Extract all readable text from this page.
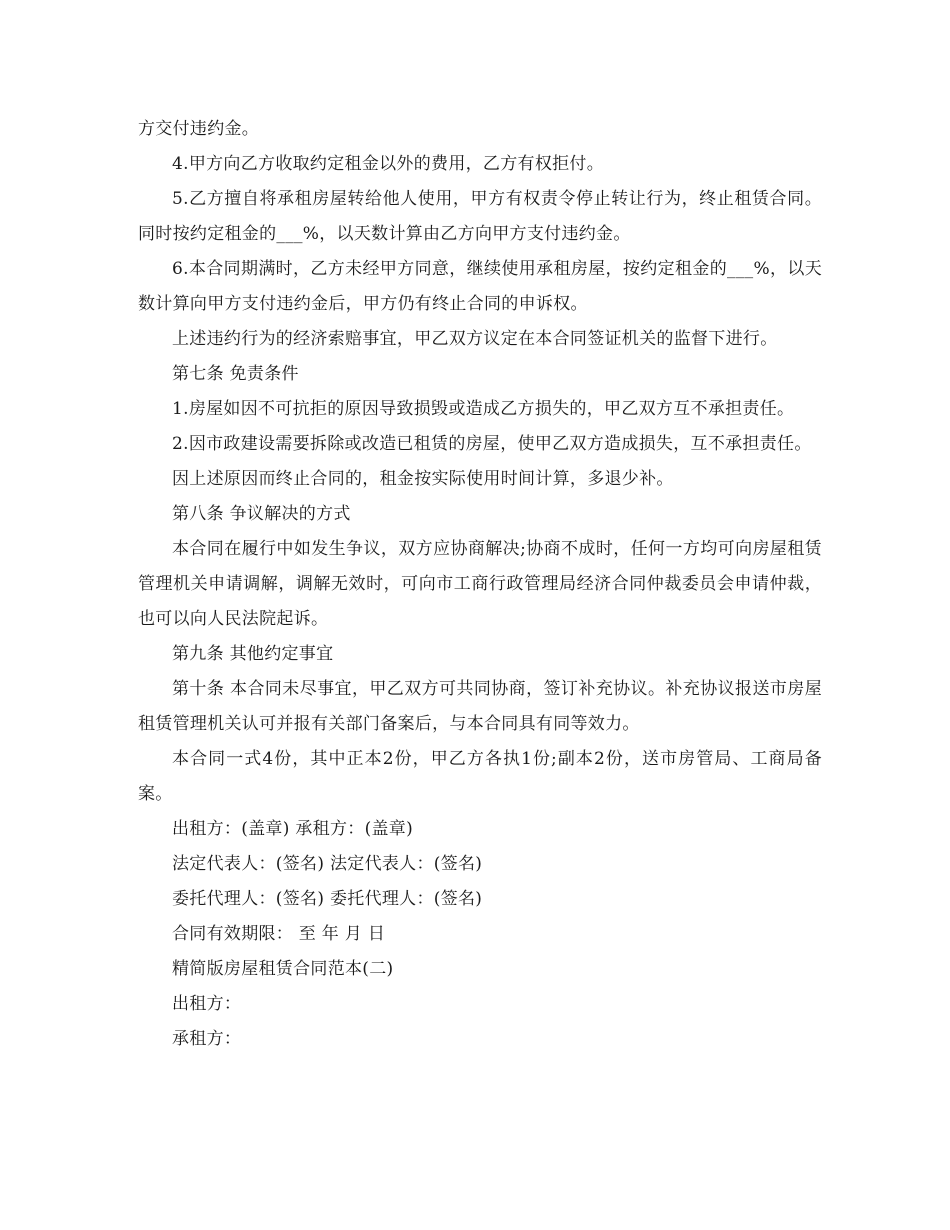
方交付违约金。

4.甲方向乙方收取约定租金以外的费用，乙方有权拒付。

5.乙方擅自将承租房屋转给他人使用，甲方有权责令停止转让行为，终止租赁合同。同时按约定租金的___%，以天数计算由乙方向甲方支付违约金。

6.本合同期满时，乙方未经甲方同意，继续使用承租房屋，按约定租金的___%，以天数计算向甲方支付违约金后，甲方仍有终止合同的申诉权。

上述违约行为的经济索赔事宜，甲乙双方议定在本合同签证机关的监督下进行。

第七条 免责条件

1.房屋如因不可抗拒的原因导致损毁或造成乙方损失的，甲乙双方互不承担责任。

2.因市政建设需要拆除或改造已租赁的房屋，使甲乙双方造成损失，互不承担责任。

因上述原因而终止合同的，租金按实际使用时间计算，多退少补。

第八条 争议解决的方式

本合同在履行中如发生争议，双方应协商解决;协商不成时，任何一方均可向房屋租赁管理机关申请调解，调解无效时，可向市工商行政管理局经济合同仲裁委员会申请仲裁，也可以向人民法院起诉。

第九条 其他约定事宜

第十条 本合同未尽事宜，甲乙双方可共同协商，签订补充协议。补充协议报送市房屋租赁管理机关认可并报有关部门备案后，与本合同具有同等效力。

本合同一式4份，其中正本2份，甲乙方各执1份;副本2份，送市房管局、工商局备案。

出租方：(盖章) 承租方：(盖章)

法定代表人：(签名) 法定代表人：(签名)

委托代理人：(签名) 委托代理人：(签名)

合同有效期限： 至 年 月 日

精简版房屋租赁合同范本(二)

出租方：

承租方：
